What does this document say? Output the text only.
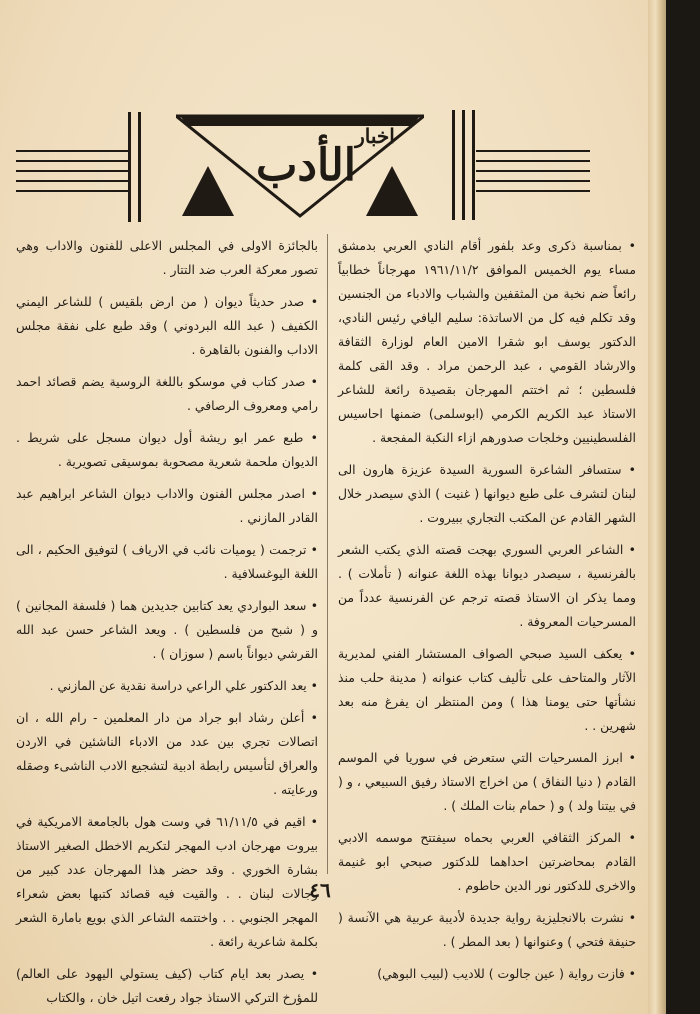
اخبار
الأدب

• بمناسبة ذكرى وعد بلفور أقام النادي العربي بدمشق مساء يوم الخميس الموافق ١٩٦١/١١/٢ مهرجاناً خطابياً رائعاً ضم نخبة من المثقفين والشباب والادباء من الجنسين وقد تكلم فيه كل من الاساتذة: سليم اليافي رئيس النادي، الدكتور يوسف ابو شقرا الامين العام لوزارة الثقافة والارشاد القومي ، عبد الرحمن مراد . وقد القى كلمة فلسطين ؛ ثم اختتم المهرجان بقصيدة رائعة للشاعر الاستاذ عبد الكريم الكرمي (ابوسلمى) ضمنها احاسيس الفلسطينيين وخلجات صدورهم ازاء النكبة المفجعة .

• ستسافر الشاعرة السورية السيدة عزيزة هارون الى لبنان لتشرف على طبع ديوانها ( غنيت ) الذي سيصدر خلال الشهر القادم عن المكتب التجاري ببيروت .

• الشاعر العربي السوري بهجت قصته الذي يكتب الشعر بالفرنسية ، سيصدر ديوانا بهذه اللغة عنوانه ( تأملات ) . ومما يذكر ان الاستاذ قصته ترجم عن الفرنسية عدداً من المسرحيات المعروفة .

• يعكف السيد صبحي الصواف المستشار الفني لمديرية الآثار والمتاحف على تأليف كتاب عنوانه ( مدينة حلب منذ نشأتها حتى يومنا هذا ) ومن المنتظر ان يفرغ منه بعد شهرين . .

• ابرز المسرحيات التي ستعرض في سوريا في الموسم القادم ( دنيا النفاق ) من اخراج الاستاذ رفيق السبيعي ، و ( في بيتنا ولد ) و ( حمام بنات الملك ) .

• المركز الثقافي العربي بحماه سيفتتح موسمه الادبي القادم بمحاضرتين احداهما للدكتور صبحي ابو غنيمة والاخرى للدكتور نور الدين حاطوم .

• نشرت بالانجليزية رواية جديدة لأديبة عربية هي الآنسة ( حنيفة فتحي ) وعنوانها ( بعد المطر ) .

• فازت رواية ( عين جالوت ) للاديب (لبيب البوهي)

بالجائزة الاولى في المجلس الاعلى للفنون والاداب وهي تصور معركة العرب ضد التتار .

• صدر حديثاً ديوان ( من ارض بلقيس ) للشاعر اليمني الكفيف ( عبد الله البردوني ) وقد طبع على نفقة مجلس الاداب والفنون بالقاهرة .

• صدر كتاب في موسكو باللغة الروسية يضم قصائد احمد رامي ومعروف الرصافي .

• طبع عمر ابو ريشة أول ديوان مسجل على شريط . الديوان ملحمة شعرية مصحوبة بموسيقى تصويرية .

• اصدر مجلس الفنون والاداب ديوان الشاعر ابراهيم عبد القادر المازني .

• ترجمت ( يوميات نائب في الارياف ) لتوفيق الحكيم ، الى اللغة اليوغسلافية .

• سعد البواردي يعد كتابين جديدين هما ( فلسفة المجانين ) و ( شبح من فلسطين ) . ويعد الشاعر حسن عبد الله القرشي ديواناً باسم ( سوزان ) .

• يعد الدكتور علي الراعي دراسة نقدية عن المازني .

• أعلن رشاد ابو جراد من دار المعلمين - رام الله ، ان اتصالات تجري بين عدد من الادباء الناشئين في الاردن والعراق لتأسيس رابطة ادبية لتشجيع الادب الناشىء وصقله ورعايته .

• اقيم في ٦١/١١/٥ في وست هول بالجامعة الامريكية في بيروت مهرجان ادب المهجر لتكريم الاخطل الصغير الاستاذ بشارة الخوري . وقد حضر هذا المهرجان عدد كبير من رجالات لبنان . . والقيت فيه قصائد كتبها بعض شعراء المهجر الجنوبي . . واختتمه الشاعر الذي بويع بامارة الشعر بكلمة شاعرية رائعة .

• يصدر بعد ايام كتاب (كيف يستولي اليهود على العالم) للمؤرخ التركي الاستاذ جواد رفعت اتيل خان ، والكتاب

٤٦
